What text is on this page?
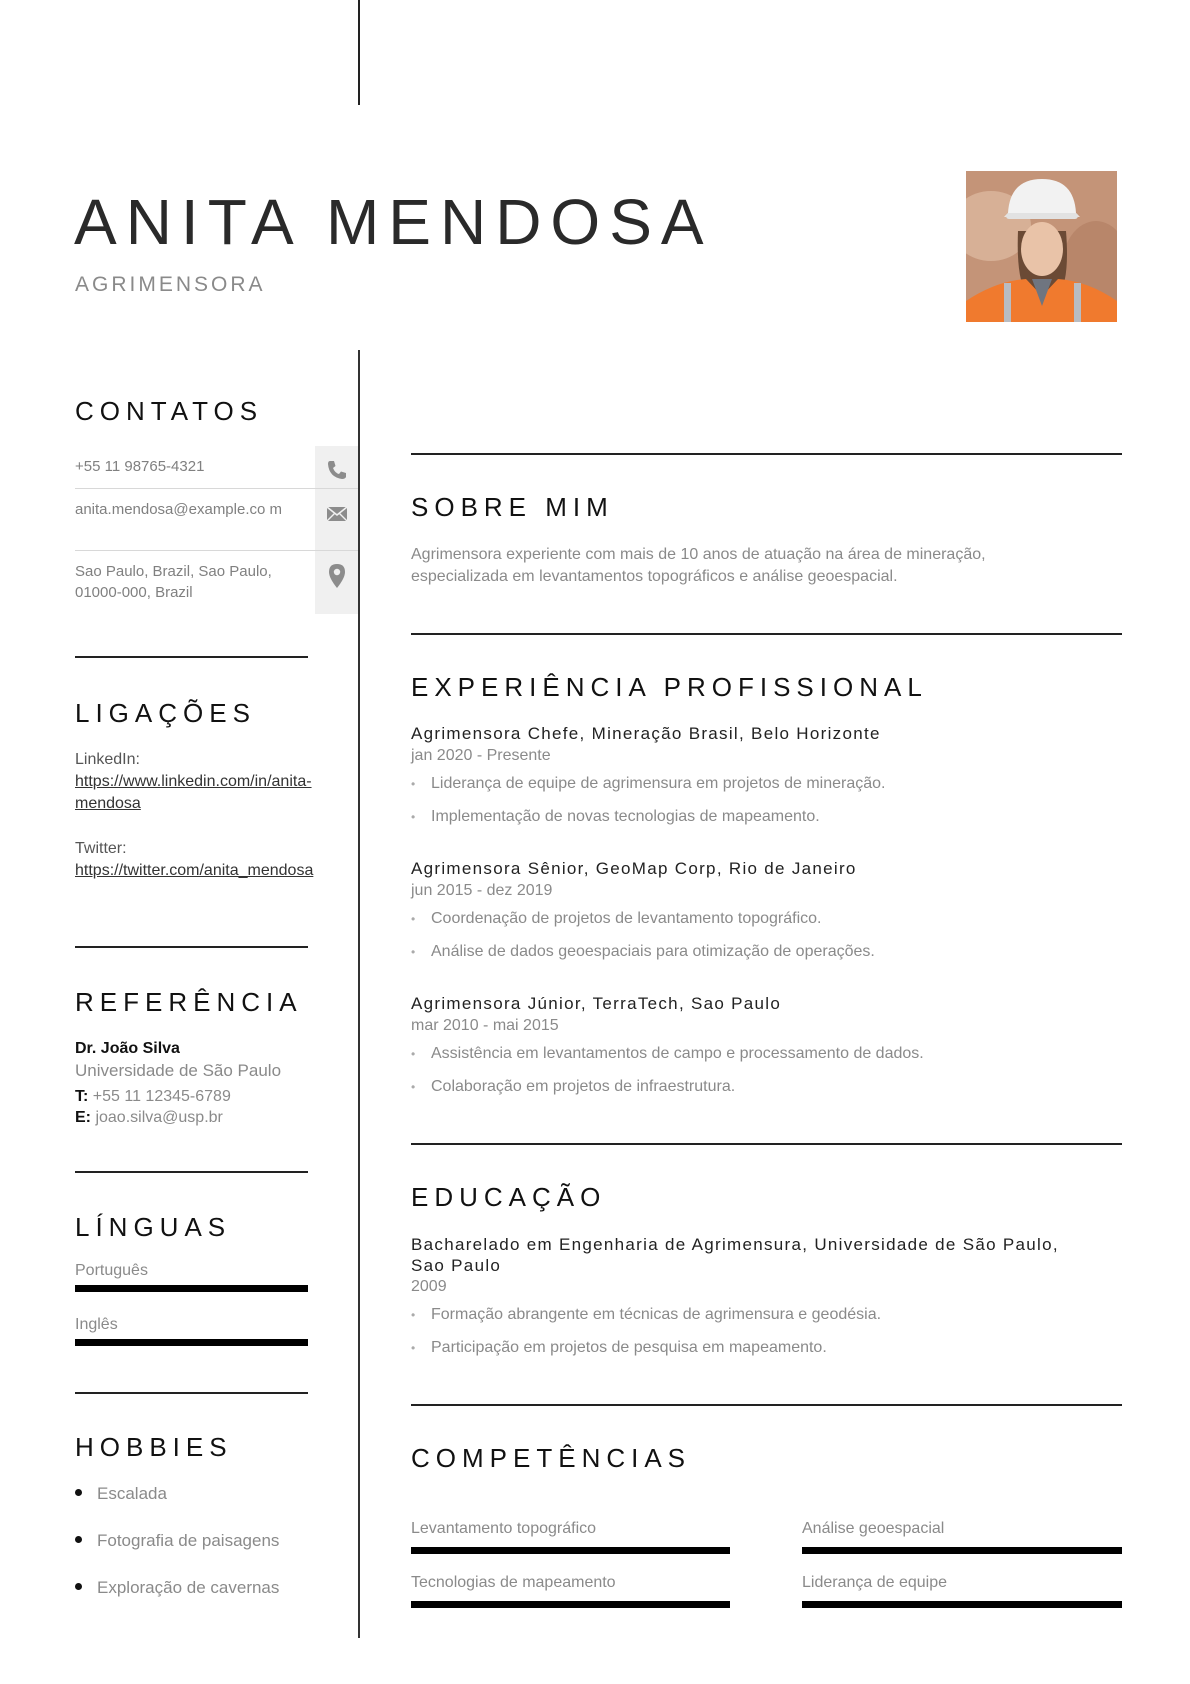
ANITA MENDOSA
AGRIMENSORA
CONTATOS
+55 11 98765-4321
anita.mendosa@example.co m
Sao Paulo, Brazil, Sao Paulo, 01000-000, Brazil
LIGAÇÕES
LinkedIn:
https://www.linkedin.com/in/anita-mendosa
Twitter:
https://twitter.com/anita_mendosa
REFERÊNCIA
Dr. João Silva
Universidade de São Paulo
T: +55 11 12345-6789
E: joao.silva@usp.br
LÍNGUAS
Português
Inglês
HOBBIES
Escalada
Fotografia de paisagens
Exploração de cavernas
SOBRE MIM
Agrimensora experiente com mais de 10 anos de atuação na área de mineração, especializada em levantamentos topográficos e análise geoespacial.
EXPERIÊNCIA PROFISSIONAL
Agrimensora Chefe, Mineração Brasil, Belo Horizonte
jan 2020 - Presente
• Liderança de equipe de agrimensura em projetos de mineração.
• Implementação de novas tecnologias de mapeamento.
Agrimensora Sênior, GeoMap Corp, Rio de Janeiro
jun 2015 - dez 2019
• Coordenação de projetos de levantamento topográfico.
• Análise de dados geoespaciais para otimização de operações.
Agrimensora Júnior, TerraTech, Sao Paulo
mar 2010 - mai 2015
• Assistência em levantamentos de campo e processamento de dados.
• Colaboração em projetos de infraestrutura.
EDUCAÇÃO
Bacharelado em Engenharia de Agrimensura, Universidade de São Paulo,
Sao Paulo
2009
• Formação abrangente em técnicas de agrimensura e geodésia.
• Participação em projetos de pesquisa em mapeamento.
COMPETÊNCIAS
Levantamento topográfico	Análise geoespacial
Tecnologias de mapeamento	Liderança de equipe
